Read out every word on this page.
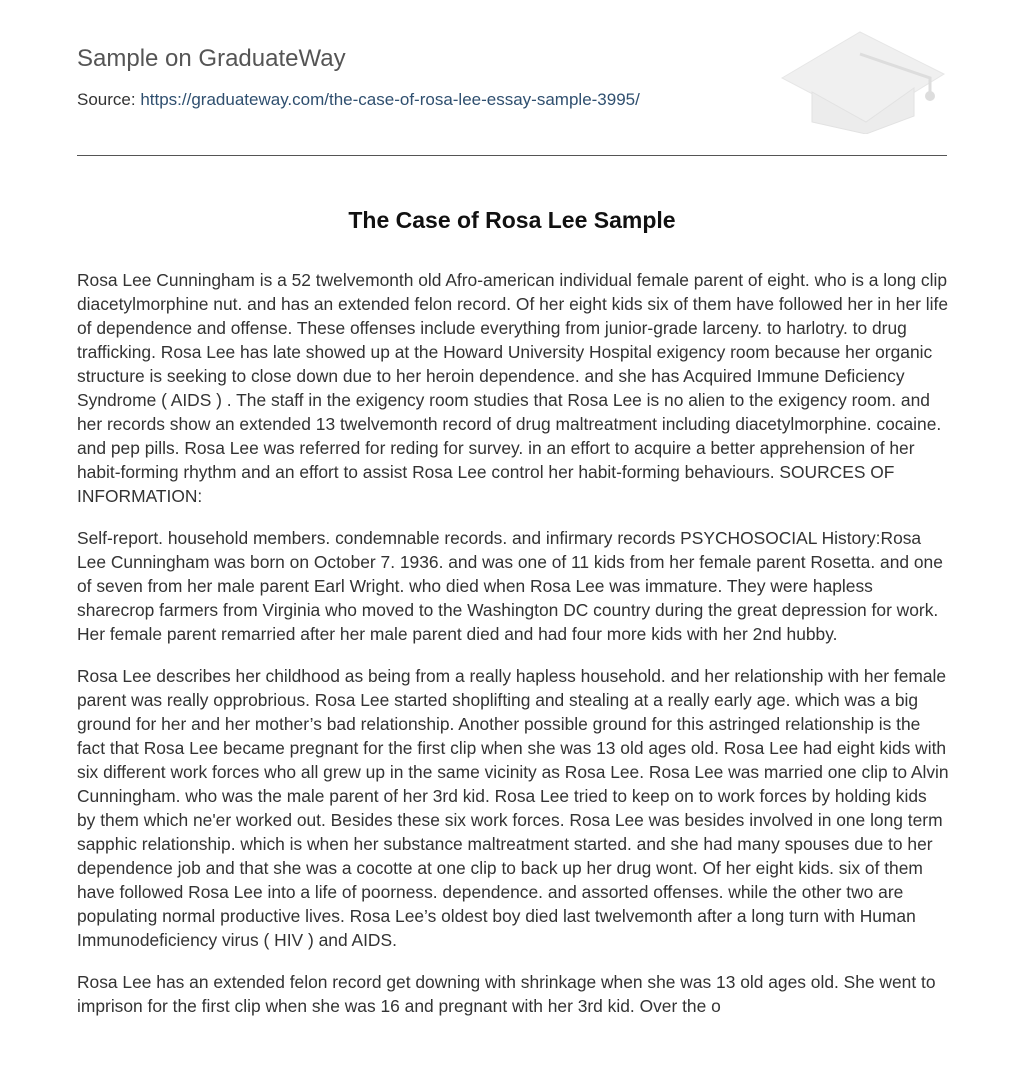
Sample on GraduateWay
Source: https://graduateway.com/the-case-of-rosa-lee-essay-sample-3995/
The Case of Rosa Lee Sample

Rosa Lee Cunningham is a 52 twelvemonth old Afro-american individual female parent of eight. who is a long clip diacetylmorphine nut. and has an extended felon record. Of her eight kids six of them have followed her in her life of dependence and offense. These offenses include everything from junior-grade larceny. to harlotry. to drug trafficking. Rosa Lee has late showed up at the Howard University Hospital exigency room because her organic structure is seeking to close down due to her heroin dependence. and she has Acquired Immune Deficiency Syndrome ( AIDS ) . The staff in the exigency room studies that Rosa Lee is no alien to the exigency room. and her records show an extended 13 twelvemonth record of drug maltreatment including diacetylmorphine. cocaine. and pep pills. Rosa Lee was referred for reding for survey. in an effort to acquire a better apprehension of her habit-forming rhythm and an effort to assist Rosa Lee control her habit-forming behaviours. SOURCES OF INFORMATION:

Self-report. household members. condemnable records. and infirmary records PSYCHOSOCIAL History:Rosa Lee Cunningham was born on October 7. 1936. and was one of 11 kids from her female parent Rosetta. and one of seven from her male parent Earl Wright. who died when Rosa Lee was immature. They were hapless sharecrop farmers from Virginia who moved to the Washington DC country during the great depression for work. Her female parent remarried after her male parent died and had four more kids with her 2nd hubby.

Rosa Lee describes her childhood as being from a really hapless household. and her relationship with her female parent was really opprobrious. Rosa Lee started shoplifting and stealing at a really early age. which was a big ground for her and her mother’s bad relationship. Another possible ground for this astringed relationship is the fact that Rosa Lee became pregnant for the first clip when she was 13 old ages old. Rosa Lee had eight kids with six different work forces who all grew up in the same vicinity as Rosa Lee. Rosa Lee was married one clip to Alvin Cunningham. who was the male parent of her 3rd kid. Rosa Lee tried to keep on to work forces by holding kids by them which ne'er worked out. Besides these six work forces. Rosa Lee was besides involved in one long term sapphic relationship. which is when her substance maltreatment started. and she had many spouses due to her dependence job and that she was a cocotte at one clip to back up her drug wont. Of her eight kids. six of them have followed Rosa Lee into a life of poorness. dependence. and assorted offenses. while the other two are populating normal productive lives. Rosa Lee’s oldest boy died last twelvemonth after a long turn with Human Immunodeficiency virus ( HIV ) and AIDS.

Rosa Lee has an extended felon record get downing with shrinkage when she was 13 old ages old. She went to imprison for the first clip when she was 16 and pregnant with her 3rd kid. Over the o
